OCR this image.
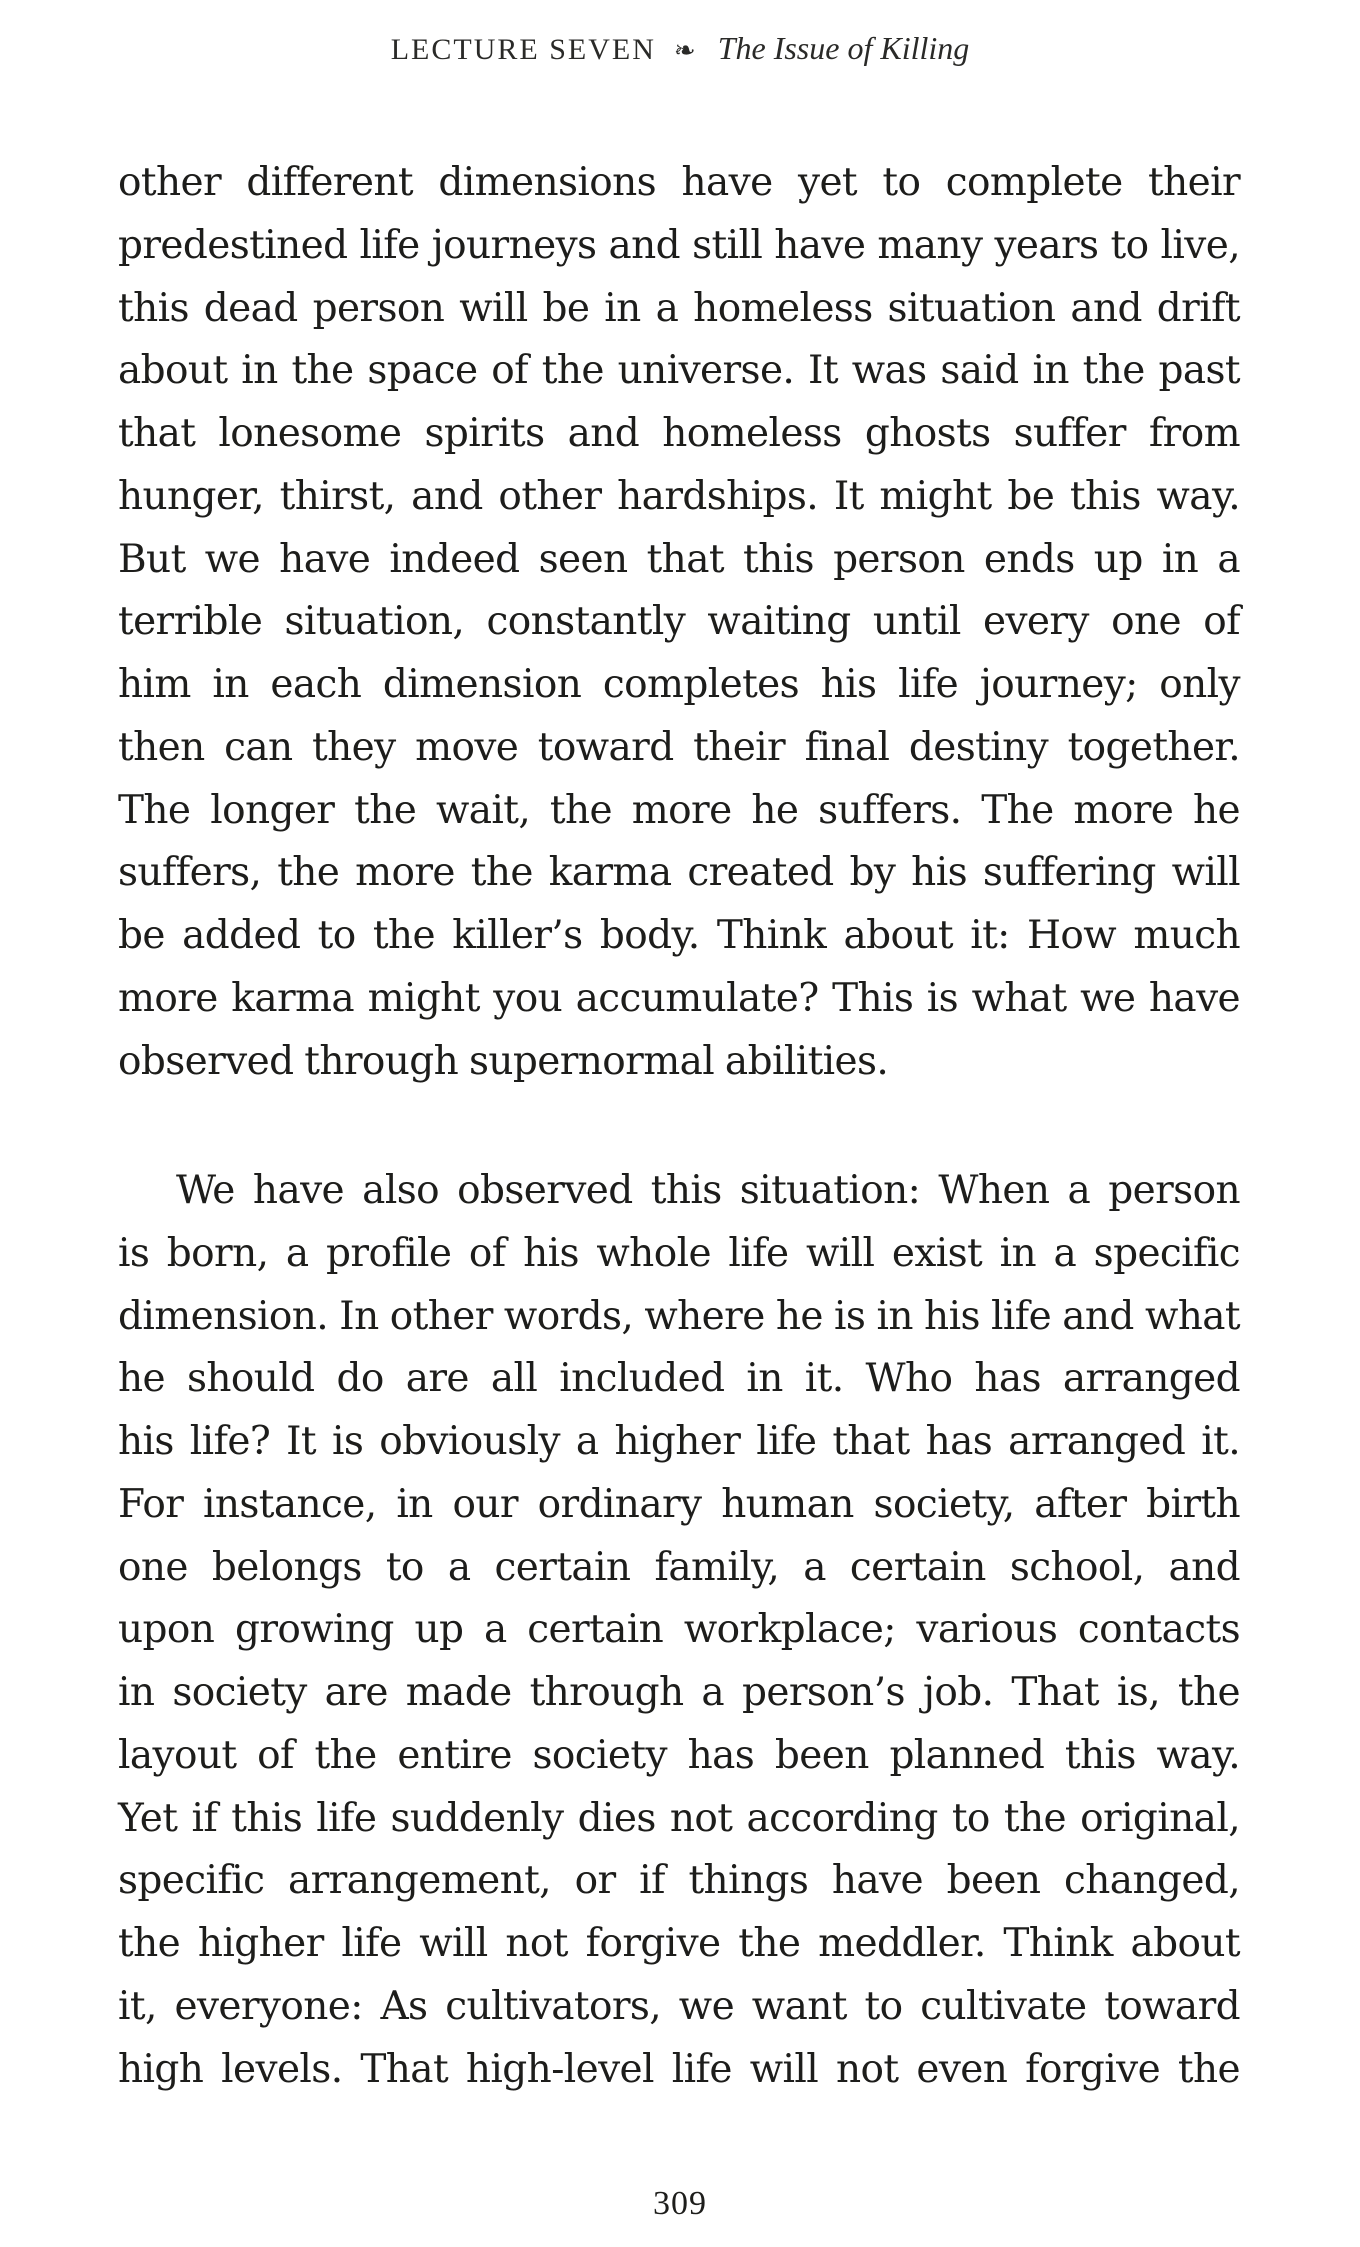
LECTURE SEVEN ❧ The Issue of Killing
other different dimensions have yet to complete their
predestined life journeys and still have many years to live,
this dead person will be in a homeless situation and drift
about in the space of the universe. It was said in the past
that lonesome spirits and homeless ghosts suffer from
hunger, thirst, and other hardships. It might be this way.
But we have indeed seen that this person ends up in a
terrible situation, constantly waiting until every one of
him in each dimension completes his life journey; only
then can they move toward their final destiny together.
The longer the wait, the more he suffers. The more he
suffers, the more the karma created by his suffering will
be added to the killer’s body. Think about it: How much
more karma might you accumulate? This is what we have
observed through supernormal abilities.
We have also observed this situation: When a person
is born, a profile of his whole life will exist in a specific
dimension. In other words, where he is in his life and what
he should do are all included in it. Who has arranged
his life? It is obviously a higher life that has arranged it.
For instance, in our ordinary human society, after birth
one belongs to a certain family, a certain school, and
upon growing up a certain workplace; various contacts
in society are made through a person’s job. That is, the
layout of the entire society has been planned this way.
Yet if this life suddenly dies not according to the original,
specific arrangement, or if things have been changed,
the higher life will not forgive the meddler. Think about
it, everyone: As cultivators, we want to cultivate toward
high levels. That high-level life will not even forgive the
309
